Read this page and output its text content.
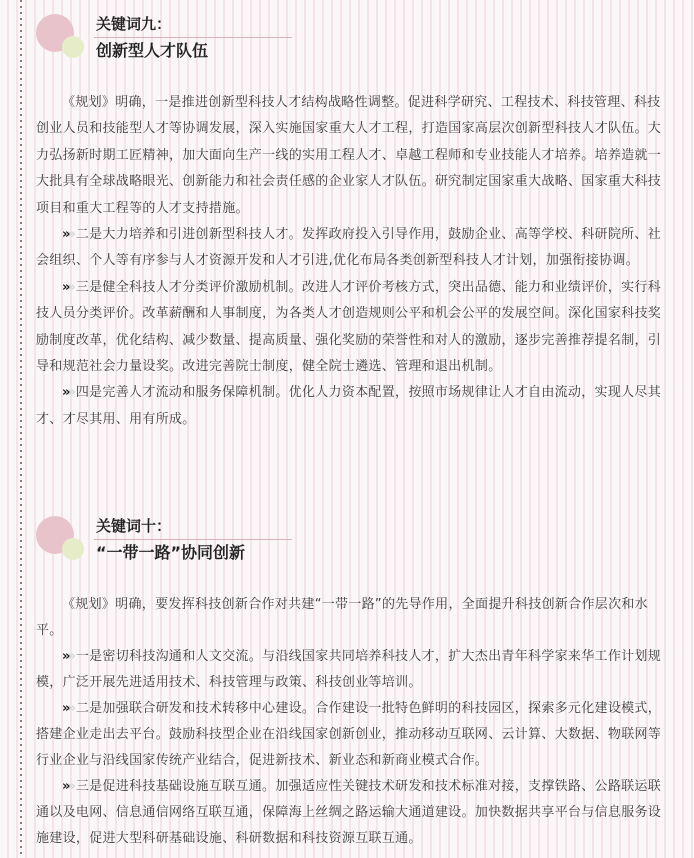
关键词九：
创新型人才队伍

《规划》明确，一是推进创新型科技人才结构战略性调整。促进科学研究、工程技术、科技管理、科技创业人员和技能型人才等协调发展，深入实施国家重大人才工程，打造国家高层次创新型科技人才队伍。大力弘扬新时期工匠精神，加大面向生产一线的实用工程人才、卓越工程师和专业技能人才培养。培养造就一大批具有全球战略眼光、创新能力和社会责任感的企业家人才队伍。研究制定国家重大战略、国家重大科技项目和重大工程等的人才支持措施。

»» 二是大力培养和引进创新型科技人才。发挥政府投入引导作用，鼓励企业、高等学校、科研院所、社会组织、个人等有序参与人才资源开发和人才引进,优化布局各类创新型科技人才计划，加强衔接协调。

»» 三是健全科技人才分类评价激励机制。改进人才评价考核方式，突出品德、能力和业绩评价，实行科技人员分类评价。改革薪酬和人事制度，为各类人才创造规则公平和机会公平的发展空间。深化国家科技奖励制度改革，优化结构、减少数量、提高质量、强化奖励的荣誉性和对人的激励，逐步完善推荐提名制，引导和规范社会力量设奖。改进完善院士制度，健全院士遴选、管理和退出机制。

»» 四是完善人才流动和服务保障机制。优化人力资本配置，按照市场规律让人才自由流动，实现人尽其才、才尽其用、用有所成。

关键词十：
“一带一路”协同创新

《规划》明确，要发挥科技创新合作对共建“一带一路”的先导作用，全面提升科技创新合作层次和水平。

»» 一是密切科技沟通和人文交流。与沿线国家共同培养科技人才，扩大杰出青年科学家来华工作计划规模，广泛开展先进适用技术、科技管理与政策、科技创业等培训。

»» 二是加强联合研发和技术转移中心建设。合作建设一批特色鲜明的科技园区，探索多元化建设模式，搭建企业走出去平台。鼓励科技型企业在沿线国家创新创业，推动移动互联网、云计算、大数据、物联网等行业企业与沿线国家传统产业结合，促进新技术、新业态和新商业模式合作。

»» 三是促进科技基础设施互联互通。加强适应性关键技术研发和技术标准对接，支撑铁路、公路联运联通以及电网、信息通信网络互联互通，保障海上丝绸之路运输大通道建设。加快数据共享平台与信息服务设施建设，促进大型科研基础设施、科研数据和科技资源互联互通。
